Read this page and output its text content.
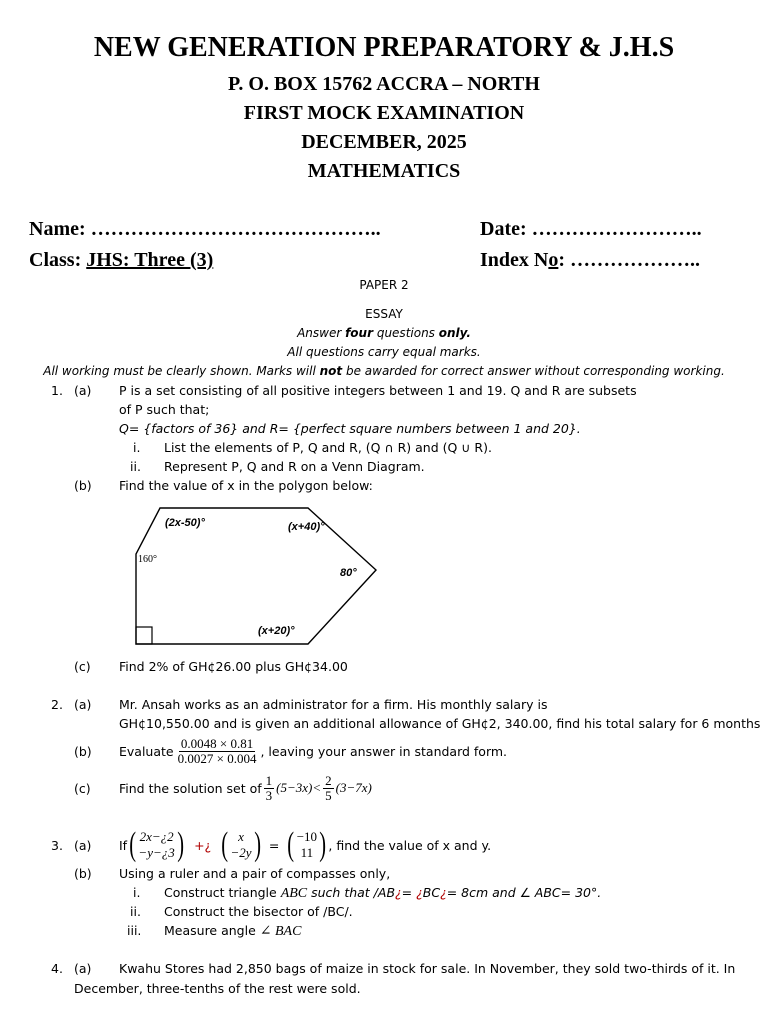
NEW GENERATION PREPARATORY & J.H.S
P. O. BOX 15762 ACCRA – NORTH
FIRST MOCK EXAMINATION
DECEMBER, 2025
MATHEMATICS
Name: ……………………………………..	Date: ……………………..
Class: JHS: Three (3)	Index No: ………………..
PAPER 2
ESSAY
Answer four questions only.
All questions carry equal marks.
All working must be clearly shown. Marks will not be awarded for correct answer without corresponding working.
1. (a) P is a set consisting of all positive integers between 1 and 19. Q and R are subsets
of P such that;
Q= {factors of 36} and R= {perfect square numbers between 1 and 20}.
i. List the elements of P, Q and R, (Q ∩ R) and (Q ∪ R).
ii. Represent P, Q and R on a Venn Diagram.
(b) Find the value of x in the polygon below:
(2x-50)°	(x+40)°
160°
80°
(x+20)°
(c) Find 2% of GH¢26.00 plus GH¢34.00
2. (a) Mr. Ansah works as an administrator for a firm. His monthly salary is
GH¢10,550.00 and is given an additional allowance of GH¢2, 340.00, find his total salary for 6 months
(b) Evaluate $\frac{0.0048 \times 0.81}{0.0027 \times 0.004}$ , leaving your answer in standard form.
(c) Find the solution set of $\frac{1}{3} (5-3x)< \frac{2}{5} (3-7x)$
3. (a) If ( 2x−¿2
−y−¿3 ) +¿ ( x
−2y ) = ( −10
11 ) , find the value of x and y.
(b) Using a ruler and a pair of compasses only,
i. Construct triangle ABC such that /AB¿= ¿BC¿= 8cm and ∠ ABC= 30°.
ii. Construct the bisector of /BC/.
iii. Measure angle ∠ BAC
4. (a) Kwahu Stores had 2,850 bags of maize in stock for sale. In November, they sold two-thirds of it. In
December, three-tenths of the rest were sold.
